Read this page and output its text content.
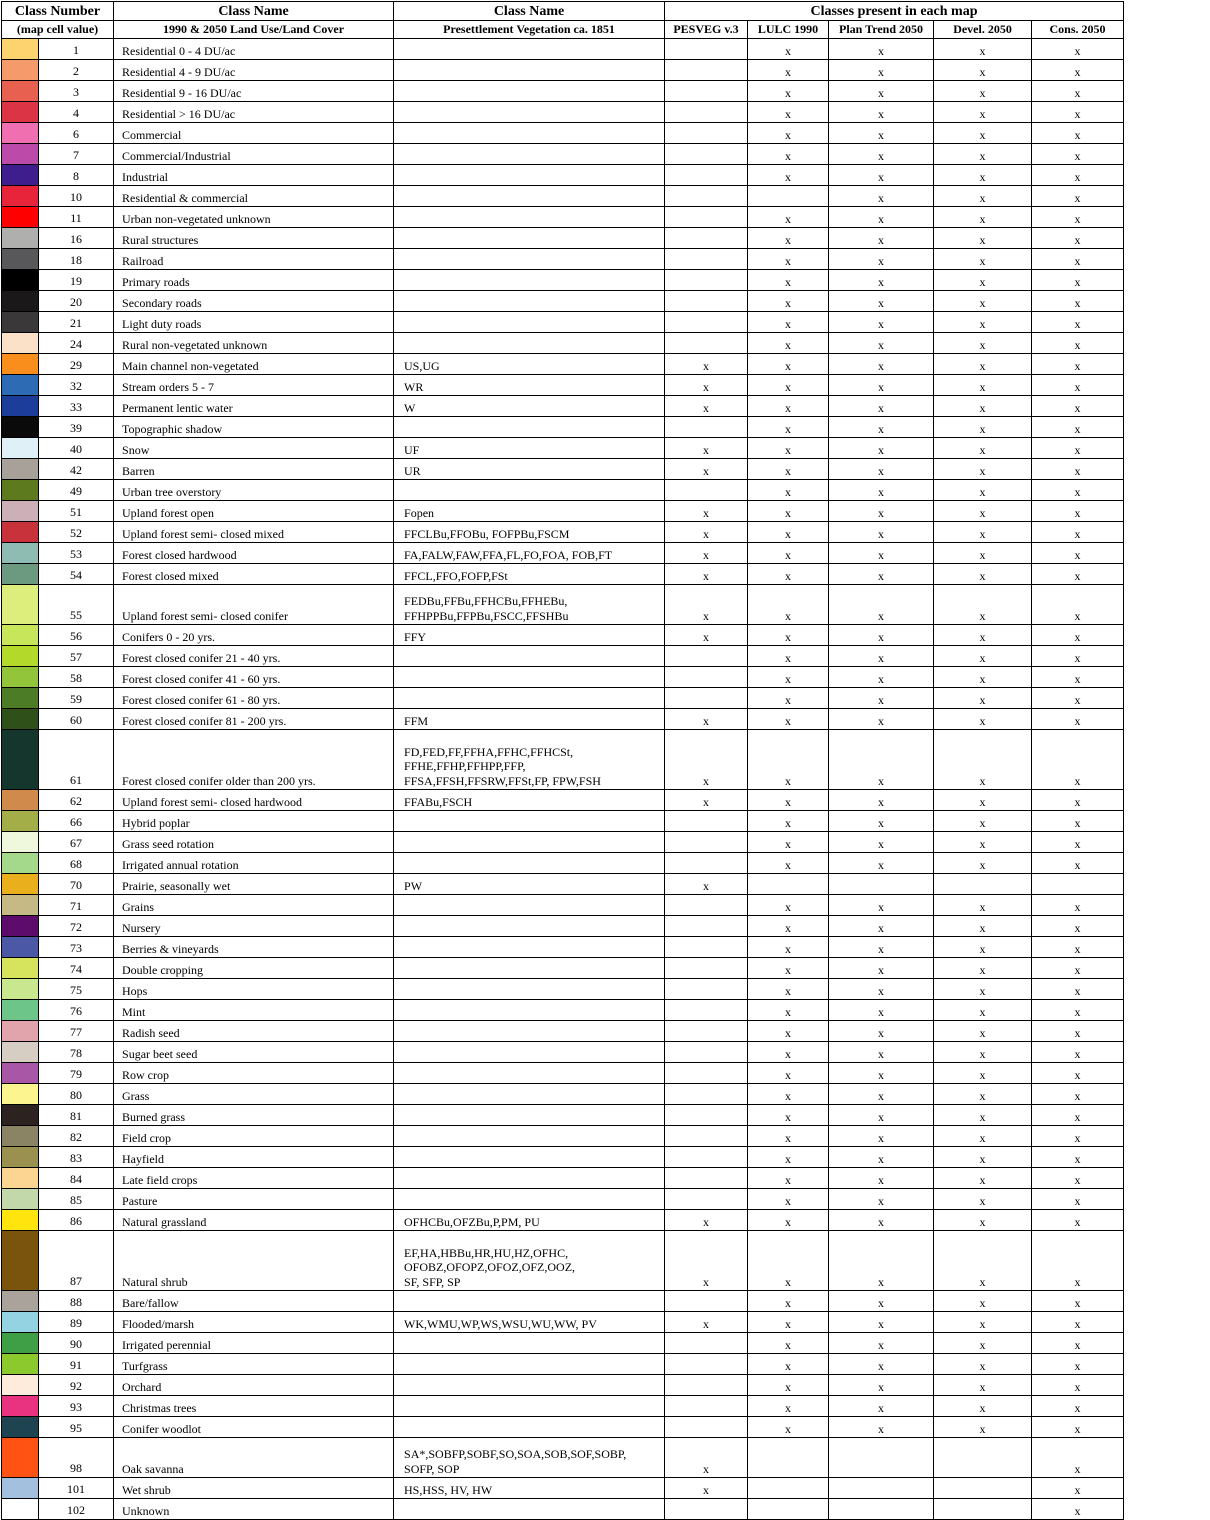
Class Number		Class Name	Class Name	Classes present in each map				
(map cell value)		1990 & 2050 Land Use/Land Cover	Presettlement Vegetation ca. 1851	PESVEG v.3	LULC 1990	Plan Trend 2050	Devel. 2050	Cons. 2050

	1	Residential 0 - 4 DU/ac			x	x	x	x

	2	Residential 4 - 9 DU/ac			x	x	x	x

	3	Residential 9 - 16 DU/ac			x	x	x	x

	4	Residential > 16 DU/ac			x	x	x	x

	6	Commercial			x	x	x	x

	7	Commercial/Industrial			x	x	x	x

	8	Industrial			x	x	x	x

	10	Residential & commercial				x	x	x

	11	Urban non-vegetated unknown			x	x	x	x

	16	Rural structures			x	x	x	x

	18	Railroad			x	x	x	x

	19	Primary roads			x	x	x	x

	20	Secondary roads			x	x	x	x

	21	Light duty roads			x	x	x	x

	24	Rural non-vegetated unknown			x	x	x	x

	29	Main channel non-vegetated	US,UG	x	x	x	x	x

	32	Stream orders 5 - 7	WR	x	x	x	x	x

	33	Permanent lentic water	W	x	x	x	x	x

	39	Topographic shadow			x	x	x	x

	40	Snow	UF	x	x	x	x	x

	42	Barren	UR	x	x	x	x	x

	49	Urban tree overstory			x	x	x	x

	51	Upland forest open	Fopen	x	x	x	x	x

	52	Upland forest semi- closed mixed	FFCLBu,FFOBu, FOFPBu,FSCM	x	x	x	x	x

	53	Forest closed hardwood	FA,FALW,FAW,FFA,FL,FO,FOA, FOB,FT	x	x	x	x	x

	54	Forest closed mixed	FFCL,FFO,FOFP,FSt	x	x	x	x	x

	55	Upland forest semi- closed conifer	FEDBu,FFBu,FFHCBu,FFHEBu,
FFHPPBu,FFPBu,FSCC,FFSHBu	x	x	x	x	x

	56	Conifers 0 - 20 yrs.	FFY	x	x	x	x	x

	57	Forest closed conifer 21 - 40 yrs.			x	x	x	x

	58	Forest closed conifer 41 - 60 yrs.			x	x	x	x

	59	Forest closed conifer 61 - 80 yrs.			x	x	x	x

	60	Forest closed conifer 81 - 200 yrs.	FFM	x	x	x	x	x

	61	Forest closed conifer older than 200 yrs.	FD,FED,FF,FFHA,FFHC,FFHCSt,
FFHE,FFHP,FFHPP,FFP,
FFSA,FFSH,FFSRW,FFSt,FP, FPW,FSH	x	x	x	x	x

	62	Upland forest semi- closed hardwood	FFABu,FSCH	x	x	x	x	x

	66	Hybrid poplar			x	x	x	x

	67	Grass seed rotation			x	x	x	x

	68	Irrigated annual rotation			x	x	x	x

	70	Prairie, seasonally wet	PW	x				

	71	Grains			x	x	x	x

	72	Nursery			x	x	x	x

	73	Berries & vineyards			x	x	x	x

	74	Double cropping			x	x	x	x

	75	Hops			x	x	x	x

	76	Mint			x	x	x	x

	77	Radish seed			x	x	x	x

	78	Sugar beet seed			x	x	x	x

	79	Row crop			x	x	x	x

	80	Grass			x	x	x	x

	81	Burned grass			x	x	x	x

	82	Field crop			x	x	x	x

	83	Hayfield			x	x	x	x

	84	Late field crops			x	x	x	x

	85	Pasture			x	x	x	x

	86	Natural grassland	OFHCBu,OFZBu,P,PM, PU	x	x	x	x	x

	87	Natural shrub	EF,HA,HBBu,HR,HU,HZ,OFHC,
OFOBZ,OFOPZ,OFOZ,OFZ,OOZ,
SF, SFP, SP	x	x	x	x	x

	88	Bare/fallow			x	x	x	x

	89	Flooded/marsh	WK,WMU,WP,WS,WSU,WU,WW, PV	x	x	x	x	x

	90	Irrigated perennial			x	x	x	x

	91	Turfgrass			x	x	x	x

	92	Orchard			x	x	x	x

	93	Christmas trees			x	x	x	x

	95	Conifer woodlot			x	x	x	x

	98	Oak savanna	SA*,SOBFP,SOBF,SO,SOA,SOB,SOF,SOBP,
SOFP, SOP	x				x

	101	Wet shrub	HS,HSS, HV, HW	x				x

	102	Unknown						x
